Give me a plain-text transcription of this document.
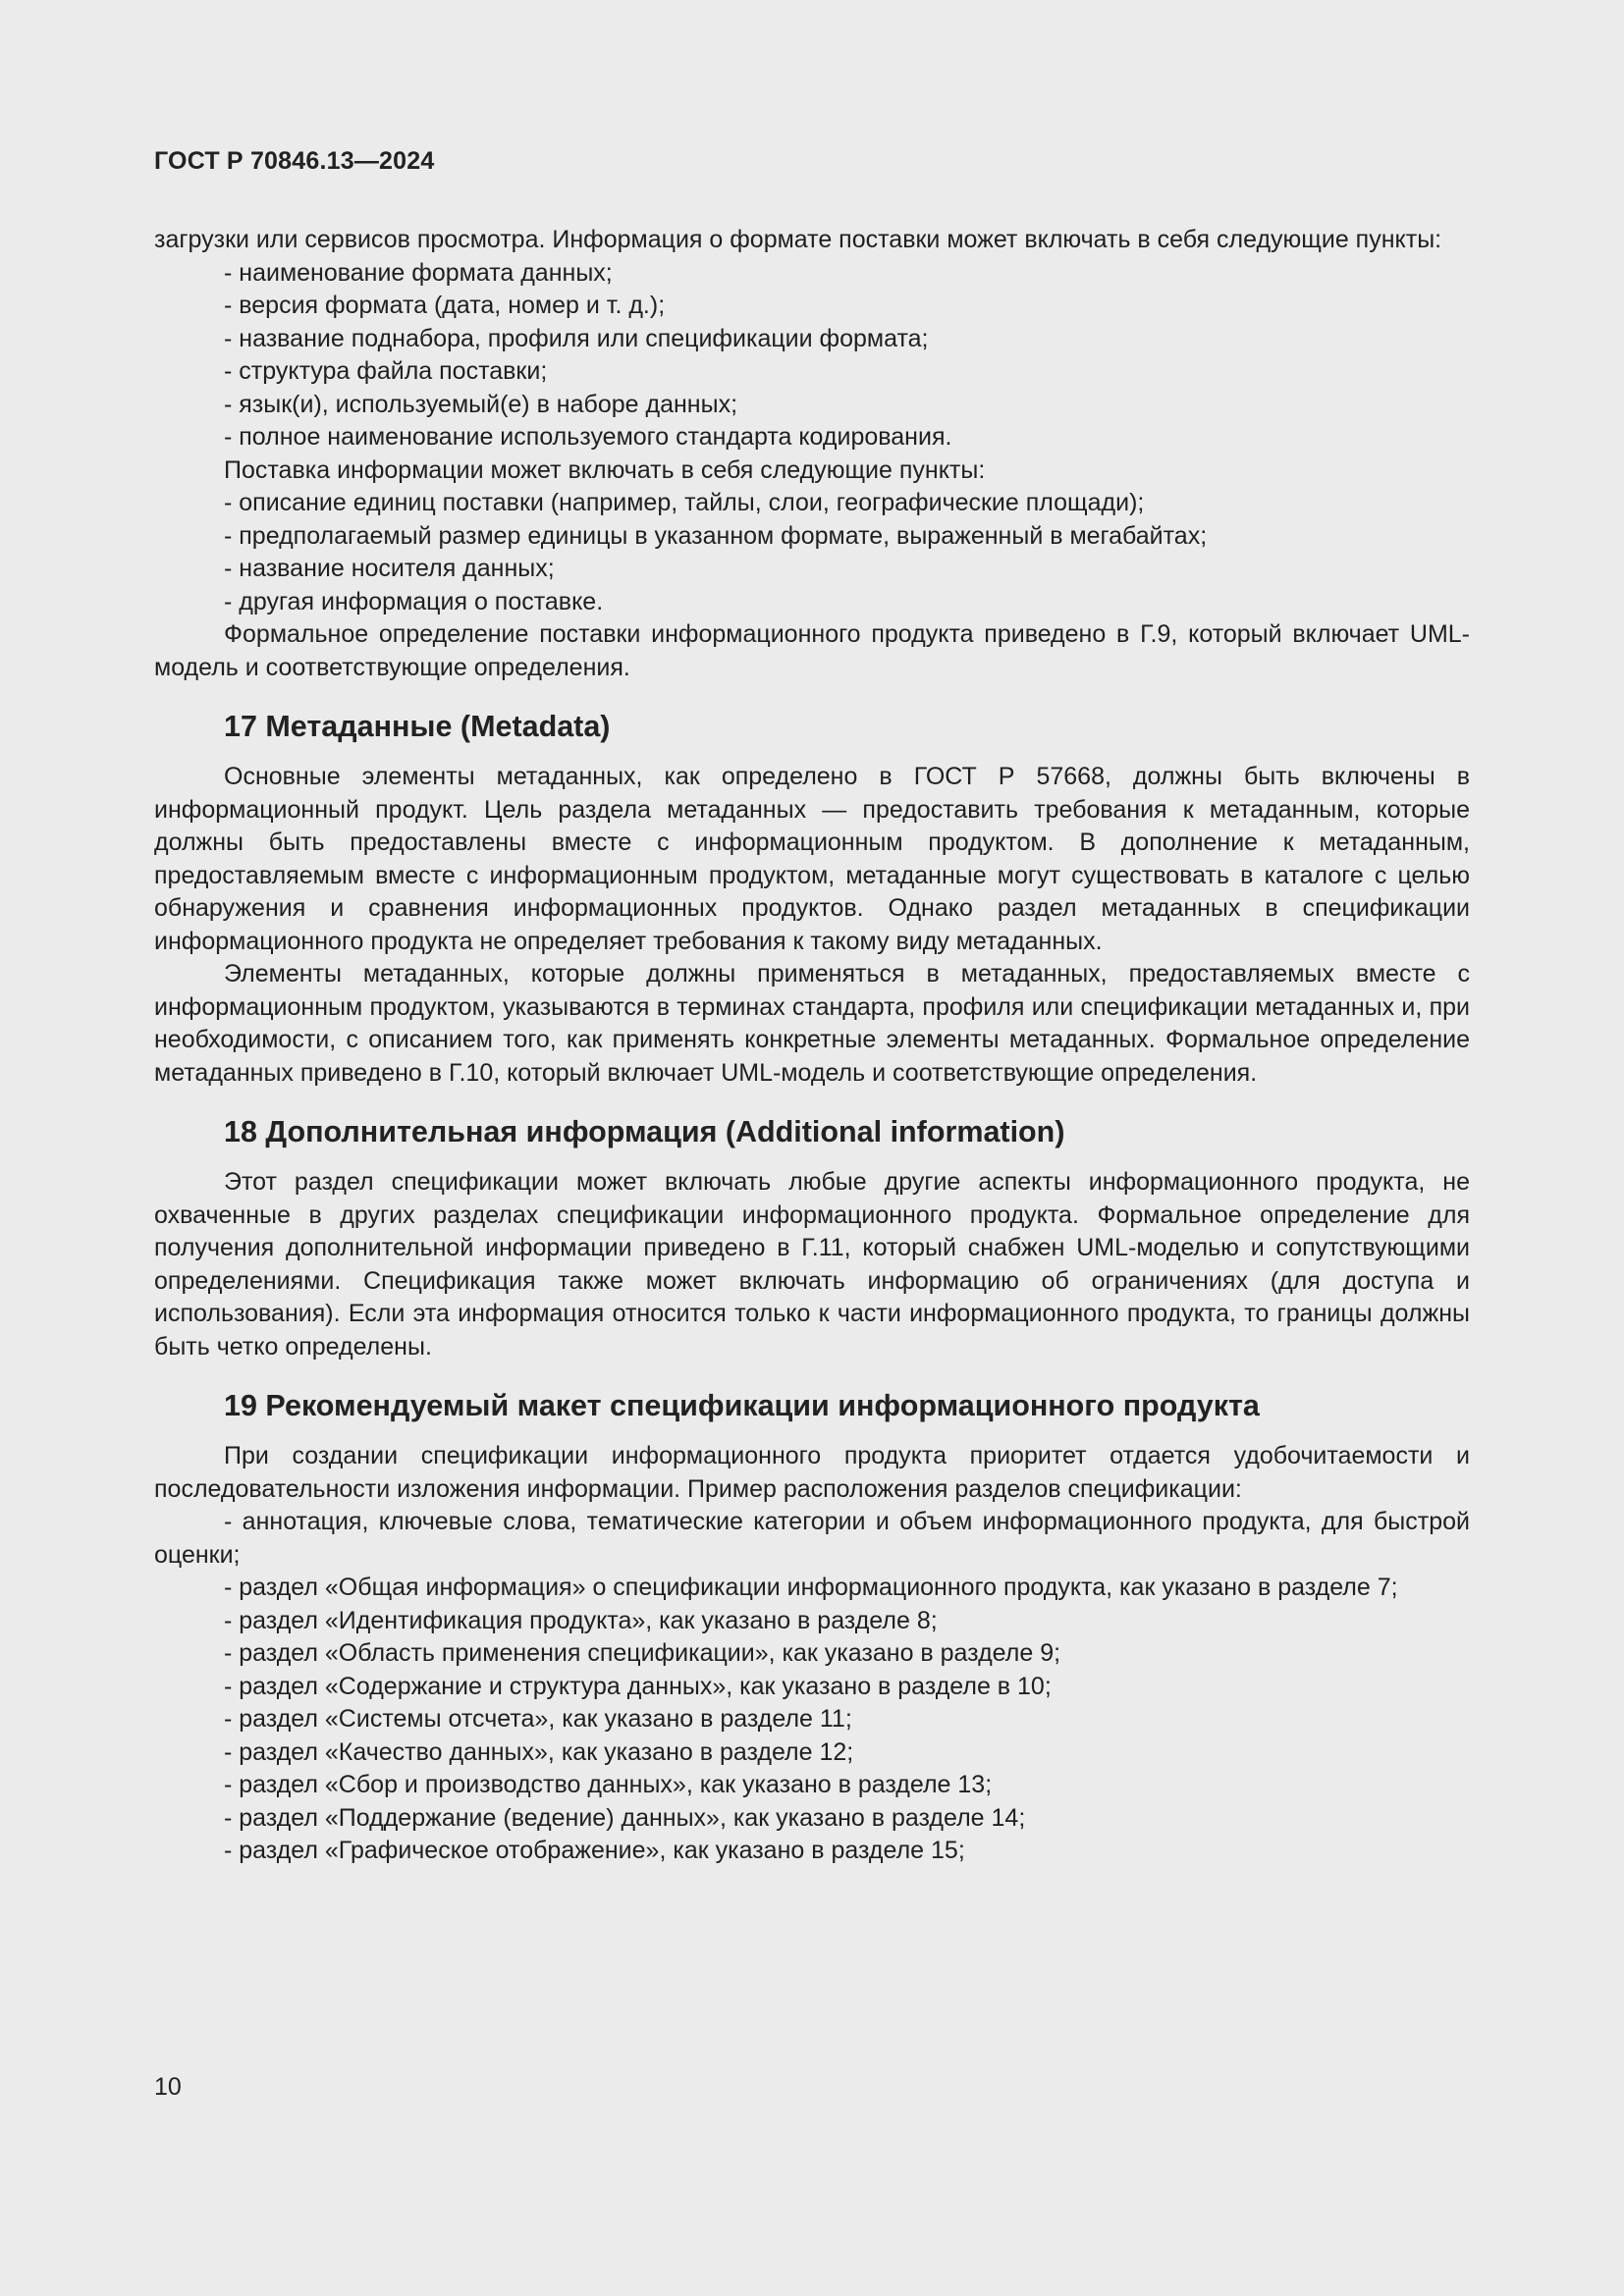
ГОСТ Р 70846.13—2024

загрузки или сервисов просмотра. Информация о формате поставки может включать в себя следующие пункты:

- наименование формата данных;

- версия формата (дата, номер и т. д.);

- название поднабора, профиля или спецификации формата;

- структура файла поставки;

- язык(и), используемый(е) в наборе данных;

- полное наименование используемого стандарта кодирования.

Поставка информации может включать в себя следующие пункты:

- описание единиц поставки (например, тайлы, слои, географические площади);

- предполагаемый размер единицы в указанном формате, выраженный в мегабайтах;

- название носителя данных;

- другая информация о поставке.

Формальное определение поставки информационного продукта приведено в Г.9, который включает UML-модель и соответствующие определения.

17 Метаданные (Metadata)

Основные элементы метаданных, как определено в ГОСТ Р 57668, должны быть включены в информационный продукт. Цель раздела метаданных — предоставить требования к метаданным, которые должны быть предоставлены вместе с информационным продуктом. В дополнение к метаданным, предоставляемым вместе с информационным продуктом, метаданные могут существовать в каталоге с целью обнаружения и сравнения информационных продуктов. Однако раздел метаданных в спецификации информационного продукта не определяет требования к такому виду метаданных.

Элементы метаданных, которые должны применяться в метаданных, предоставляемых вместе с информационным продуктом, указываются в терминах стандарта, профиля или спецификации метаданных и, при необходимости, с описанием того, как применять конкретные элементы метаданных. Формальное определение метаданных приведено в Г.10, который включает UML-модель и соответствующие определения.

18 Дополнительная информация (Additional information)

Этот раздел спецификации может включать любые другие аспекты информационного продукта, не охваченные в других разделах спецификации информационного продукта. Формальное определение для получения дополнительной информации приведено в Г.11, который снабжен UML-моделью и сопутствующими определениями. Спецификация также может включать информацию об ограничениях (для доступа и использования). Если эта информация относится только к части информационного продукта, то границы должны быть четко определены.

19 Рекомендуемый макет спецификации информационного продукта

При создании спецификации информационного продукта приоритет отдается удобочитаемости и последовательности изложения информации. Пример расположения разделов спецификации:

- аннотация, ключевые слова, тематические категории и объем информационного продукта, для быстрой оценки;

- раздел «Общая информация» о спецификации информационного продукта, как указано в разделе 7;

- раздел «Идентификация продукта», как указано в разделе 8;

- раздел «Область применения спецификации», как указано в разделе 9;

- раздел «Содержание и структура данных», как указано в разделе в 10;

- раздел «Системы отсчета», как указано в разделе 11;

- раздел «Качество данных», как указано в разделе 12;

- раздел «Сбор и производство данных», как указано в разделе 13;

- раздел «Поддержание (ведение) данных», как указано в разделе 14;

- раздел «Графическое отображение», как указано в разделе 15;

10
